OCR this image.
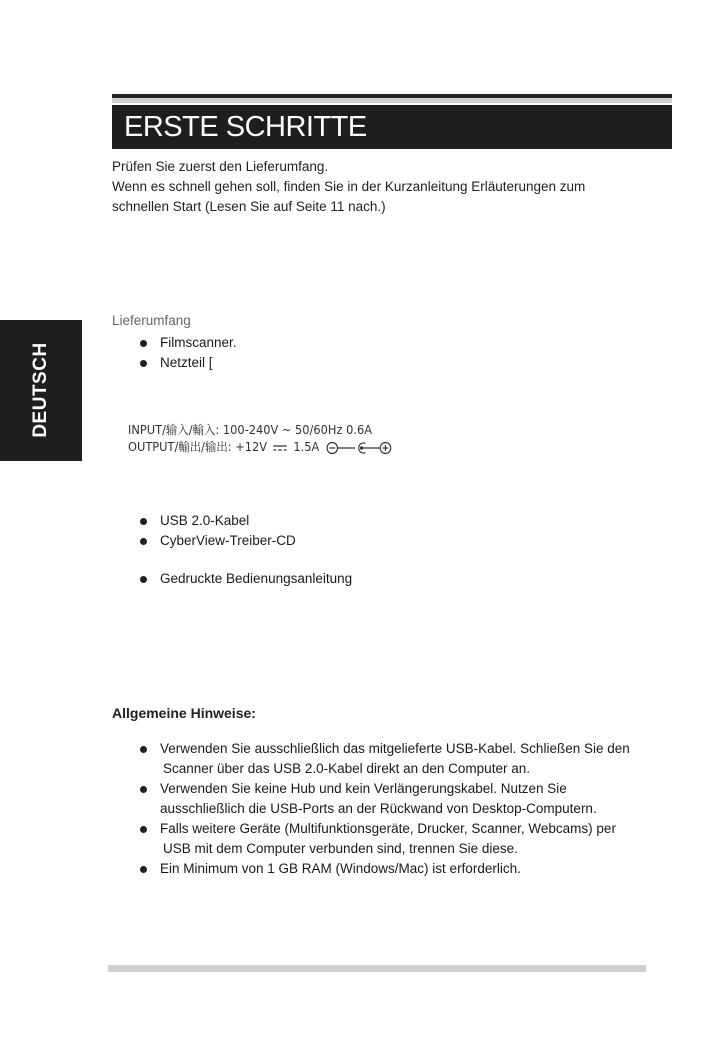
ERSTE SCHRITTE
Prüfen Sie zuerst den Lieferumfang.
Wenn es schnell gehen soll, finden Sie in der Kurzanleitung Erläuterungen zum
schnellen Start (Lesen Sie auf Seite 11 nach.)
DEUTSCH
Lieferumfang
Filmscanner.
Netzteil [
INPUT/输入/輸入: 100-240V ~ 50/60Hz 0.6A
OUTPUT/輸出/输出: +12V 1.5A
USB 2.0-Kabel
CyberView-Treiber-CD
Gedruckte Bedienungsanleitung
Allgemeine Hinweise:
Verwenden Sie ausschließlich das mitgelieferte USB-Kabel. Schließen Sie den
Scanner über das USB 2.0-Kabel direkt an den Computer an.
Verwenden Sie keine Hub und kein Verlängerungskabel. Nutzen Sie
ausschließlich die USB-Ports an der Rückwand von Desktop-Computern.
Falls weitere Geräte (Multifunktionsgeräte, Drucker, Scanner, Webcams) per
USB mit dem Computer verbunden sind, trennen Sie diese.
Ein Minimum von 1 GB RAM (Windows/Mac) ist erforderlich.
